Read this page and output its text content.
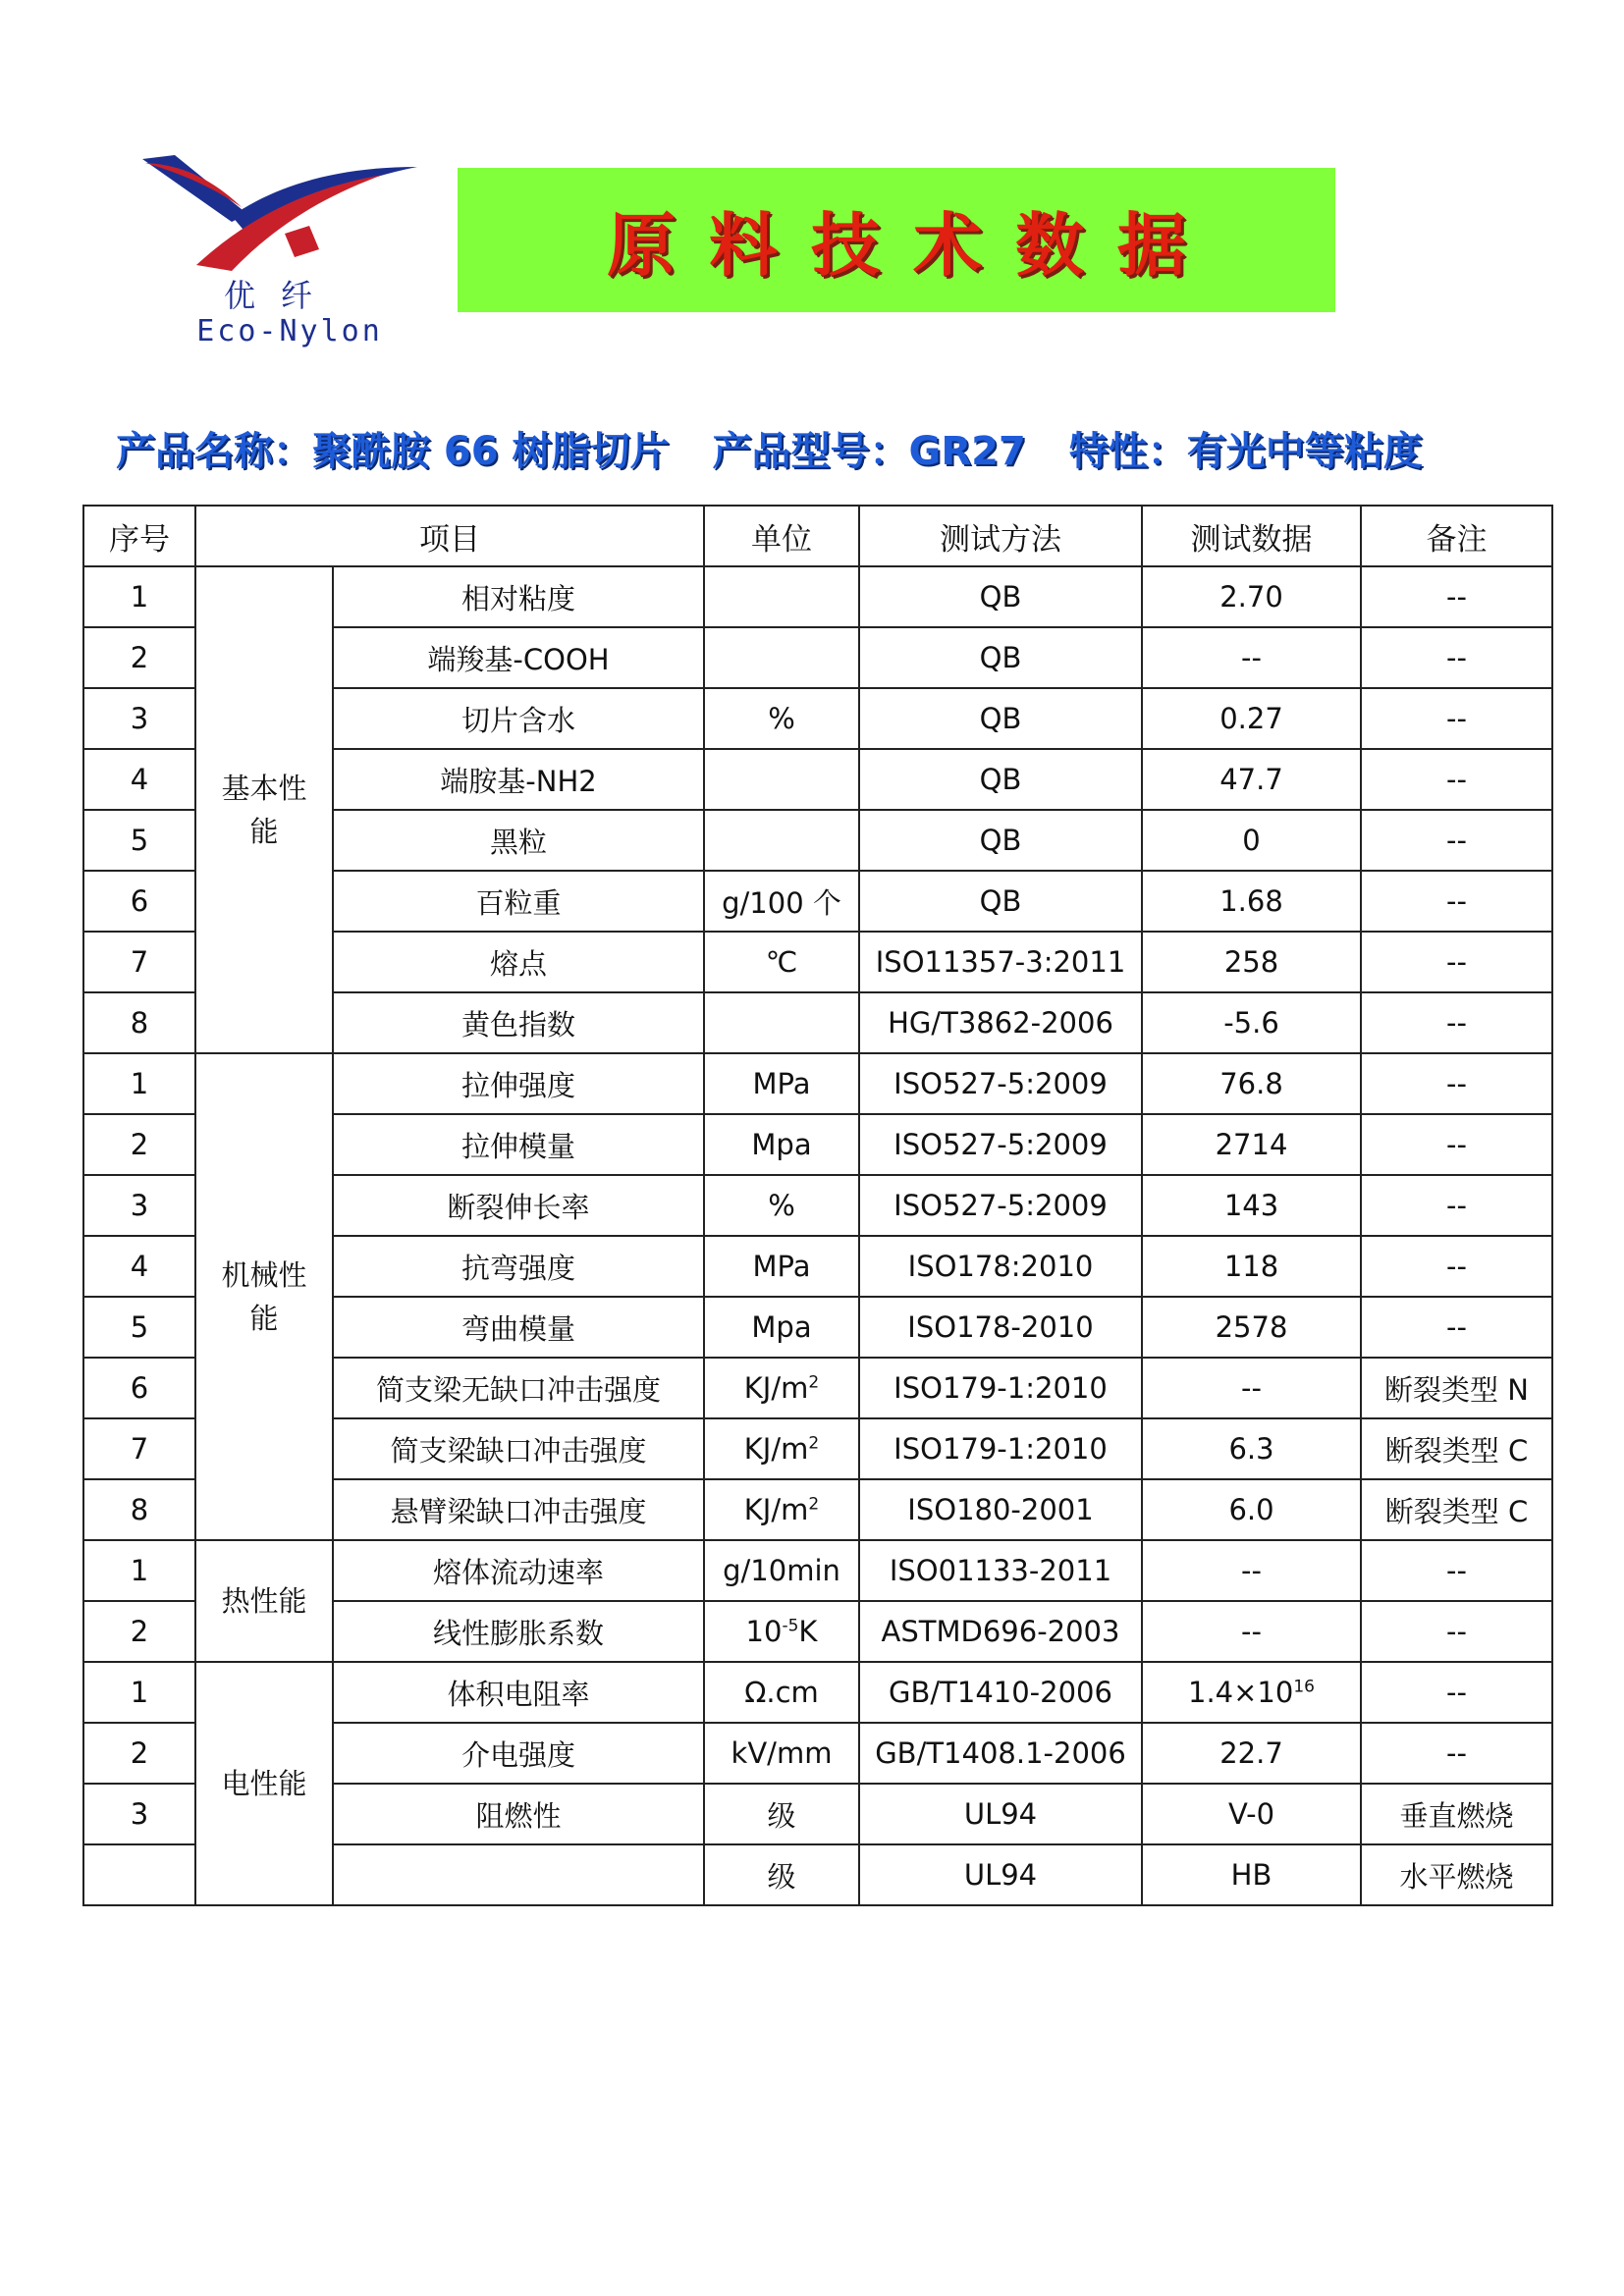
优纤
Eco-Nylon
原料技术数据
产品名称：聚酰胺 66 树脂切片 产品型号：GR27 特性：有光中等粘度
序号	项目		单位	测试方法	测试数据	备注
1	基本性能	相对粘度		QB	2.70	--
2		端羧基-COOH		QB	--	--
3		切片含水	%	QB	0.27	--
4		端胺基-NH2		QB	47.7	--
5		黑粒		QB	0	--
6		百粒重	g/100 个	QB	1.68	--
7		熔点	℃	ISO11357-3:2011	258	--
8		黄色指数		HG/T3862-2006	-5.6	--
1	机械性能	拉伸强度	MPa	ISO527-5:2009	76.8	--
2		拉伸模量	Mpa	ISO527-5:2009	2714	--
3		断裂伸长率	%	ISO527-5:2009	143	--
4		抗弯强度	MPa	ISO178:2010	118	--
5		弯曲模量	Mpa	ISO178-2010	2578	--
6		简支梁无缺口冲击强度	$KJ/m^2$	ISO179-1:2010	--	断裂类型 N
7		简支梁缺口冲击强度	$KJ/m^2$	ISO179-1:2010	6.3	断裂类型 C
8		悬臂梁缺口冲击强度	$KJ/m^2$	ISO180-2001	6.0	断裂类型 C
1	热性能	熔体流动速率	g/10min	ISO01133-2011	--	--
2		线性膨胀系数	$10^{-5}K$	ASTMD696-2003	--	--
1	电性能	体积电阻率	Ω.cm	GB/T1410-2006	$1.4\times 10^{16}$	--
2		介电强度	kV/mm	GB/T1408.1-2006	22.7	--
3		阻燃性	级	UL94	V-0	垂直燃烧
			级	UL94	HB	水平燃烧
